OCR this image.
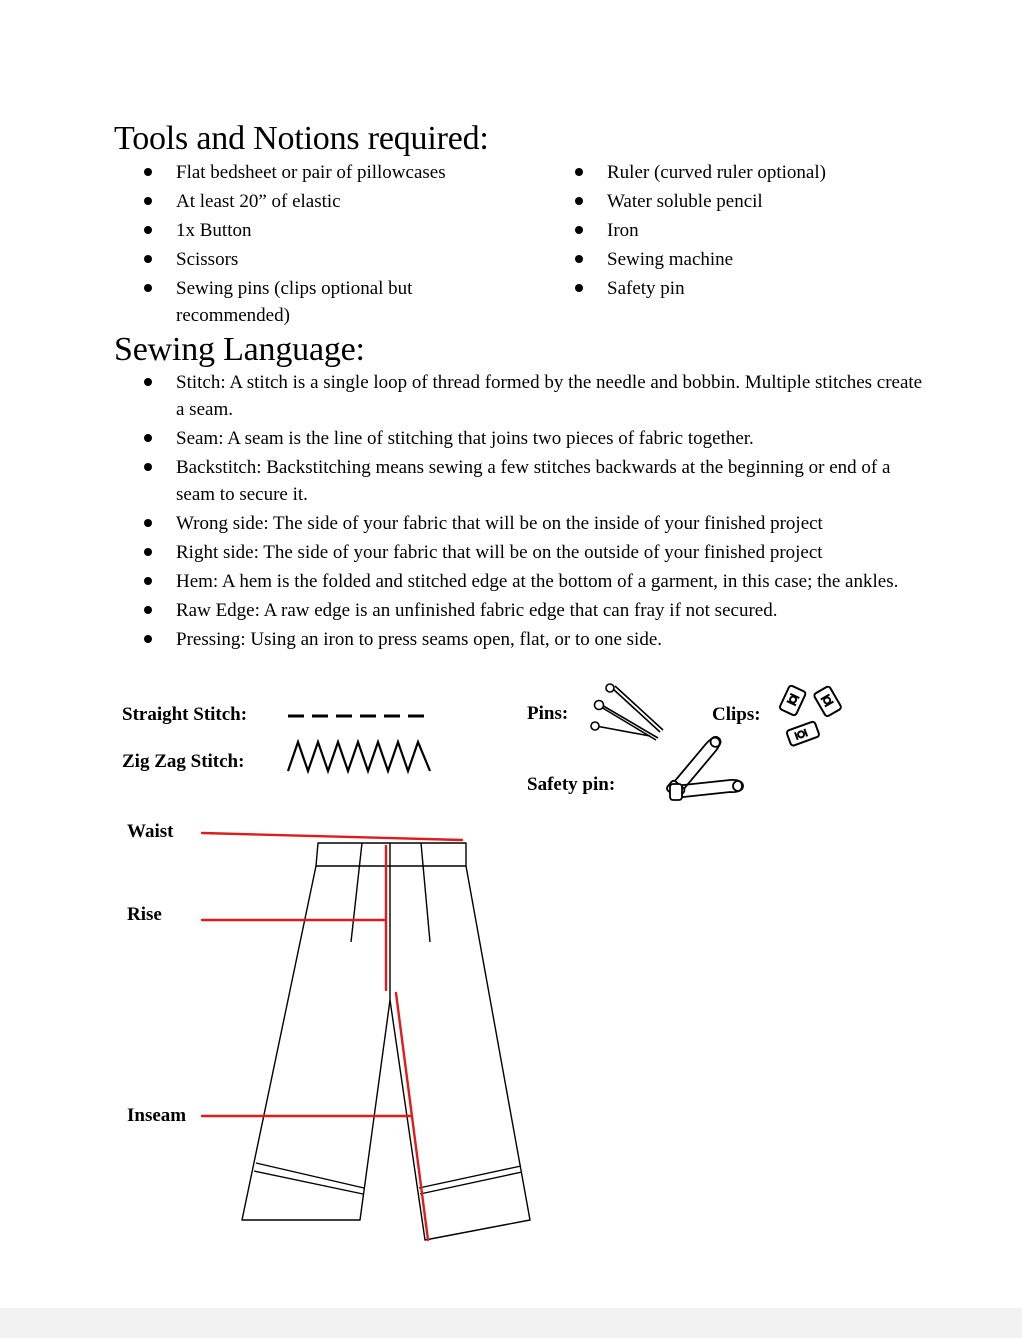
Tools and Notions required:
Flat bedsheet or pair of pillowcases
At least 20” of elastic
1x Button
Scissors
Sewing pins (clips optional but recommended)
Ruler (curved ruler optional)
Water soluble pencil
Iron
Sewing machine
Safety pin
Sewing Language:
Stitch: A stitch is a single loop of thread formed by the needle and bobbin. Multiple stitches create a seam.
Seam: A seam is the line of stitching that joins two pieces of fabric together.
Backstitch: Backstitching means sewing a few stitches backwards at the beginning or end of a seam to secure it.
Wrong side: The side of your fabric that will be on the inside of your finished project
Right side: The side of your fabric that will be on the outside of your finished project
Hem: A hem is the folded and stitched edge at the bottom of a garment, in this case; the ankles.
Raw Edge: A raw edge is an unfinished fabric edge that can fray if not secured.
Pressing: Using an iron to press seams open, flat, or to one side.
Straight Stitch:
Zig Zag Stitch:
Pins:	Clips:
Safety pin:
Waist
Rise
Inseam
